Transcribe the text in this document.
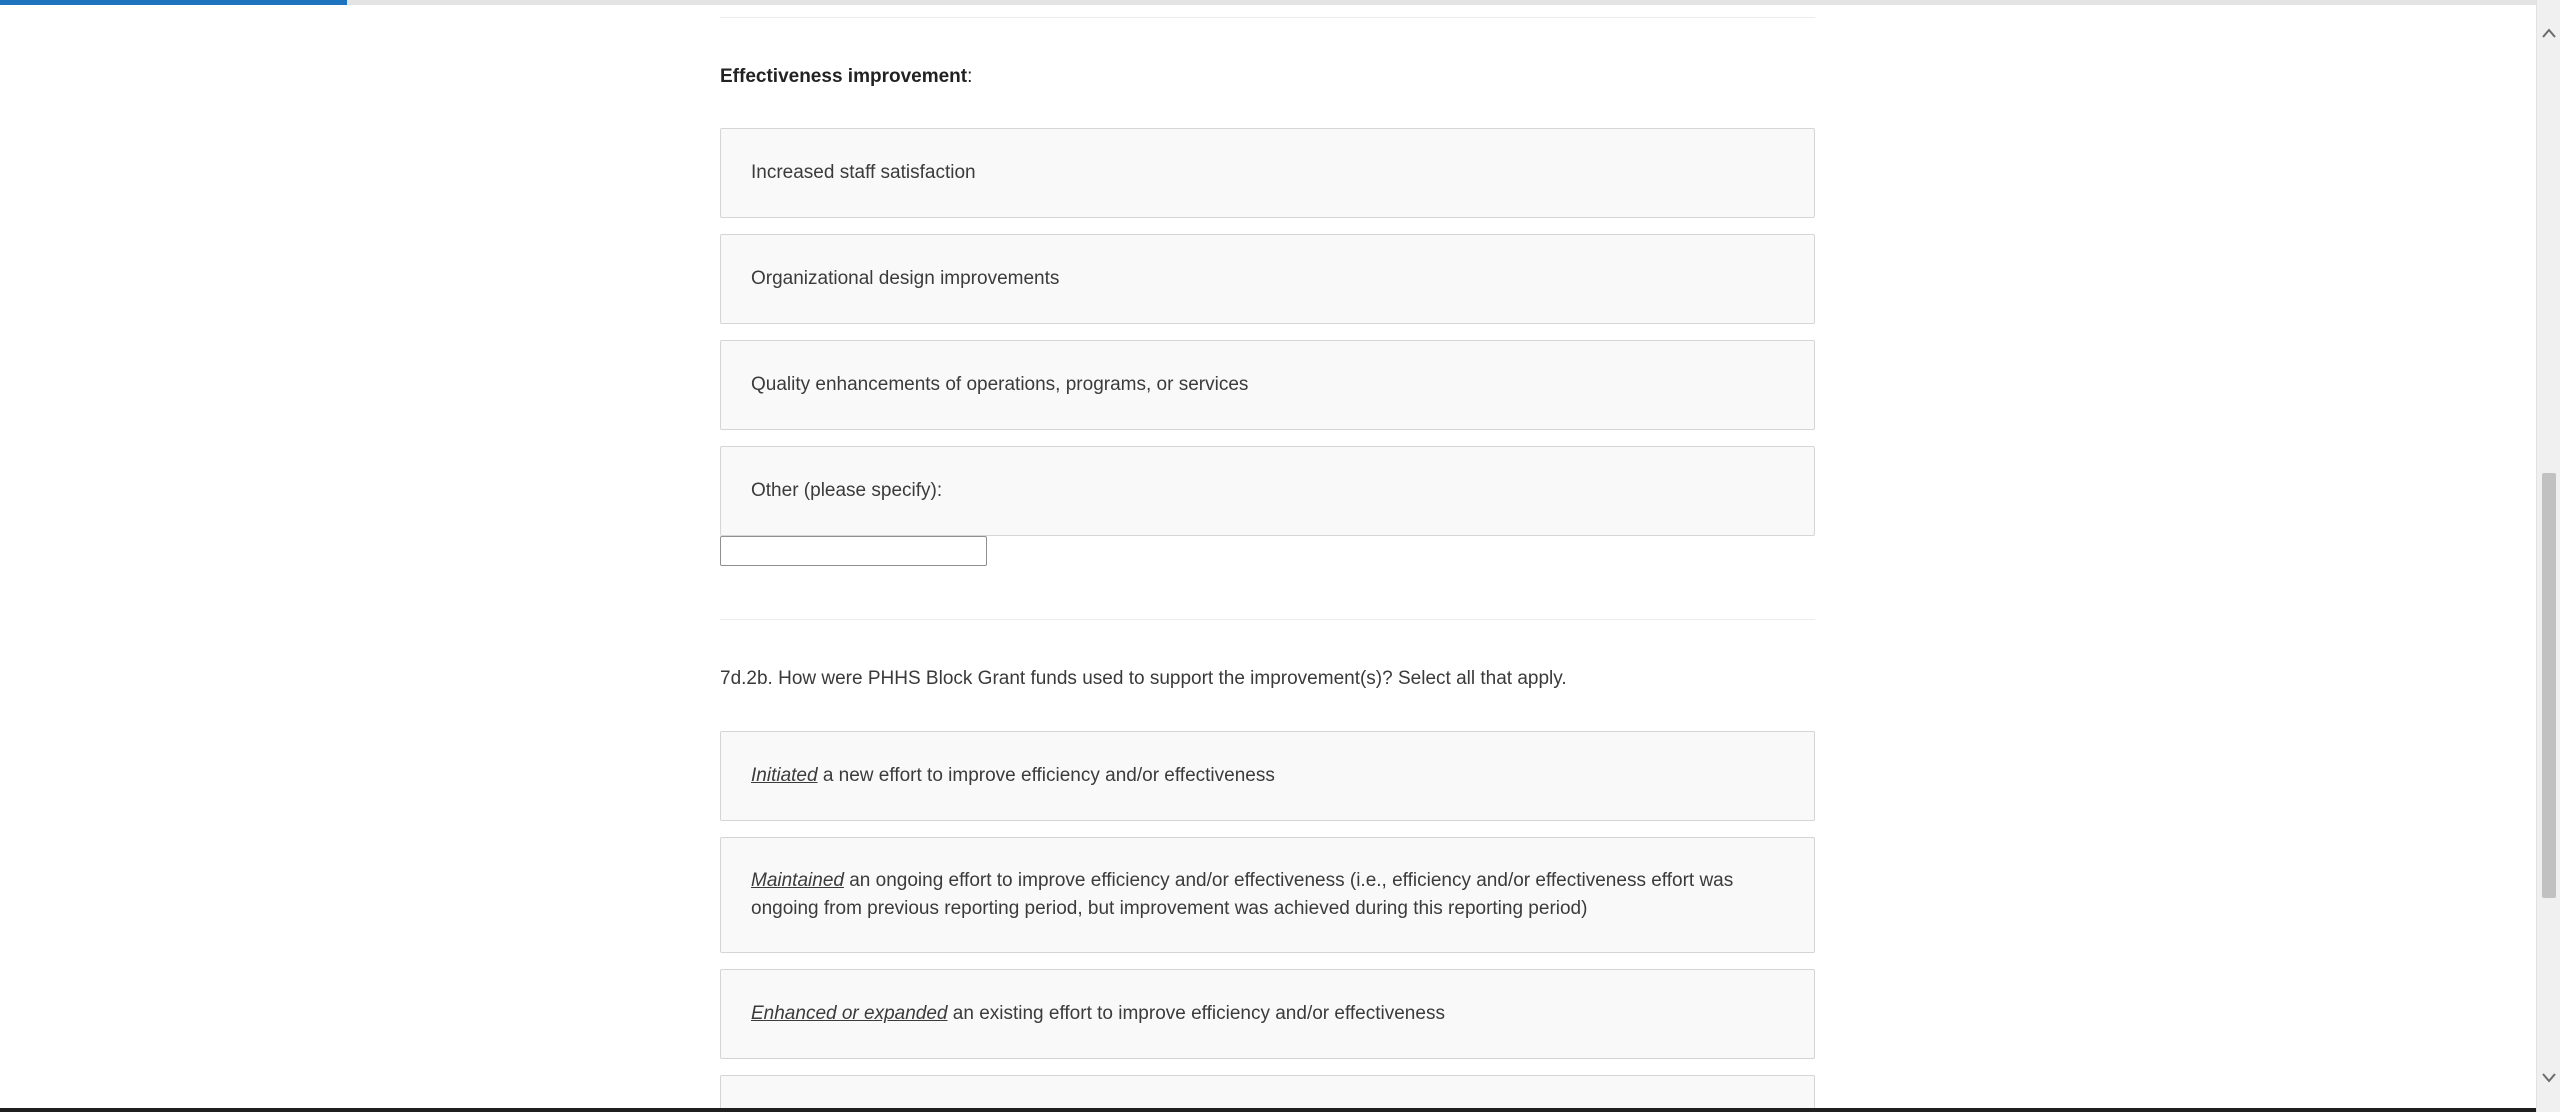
Effectiveness improvement:
Increased staff satisfaction
Organizational design improvements
Quality enhancements of operations, programs, or services
Other (please specify):
7d.2b. How were PHHS Block Grant funds used to support the improvement(s)? Select all that apply.
Initiated a new effort to improve efficiency and/or effectiveness
Maintained an ongoing effort to improve efficiency and/or effectiveness (i.e., efficiency and/or effectiveness effort was ongoing from previous reporting period, but improvement was achieved during this reporting period)
Enhanced or expanded an existing effort to improve efficiency and/or effectiveness
